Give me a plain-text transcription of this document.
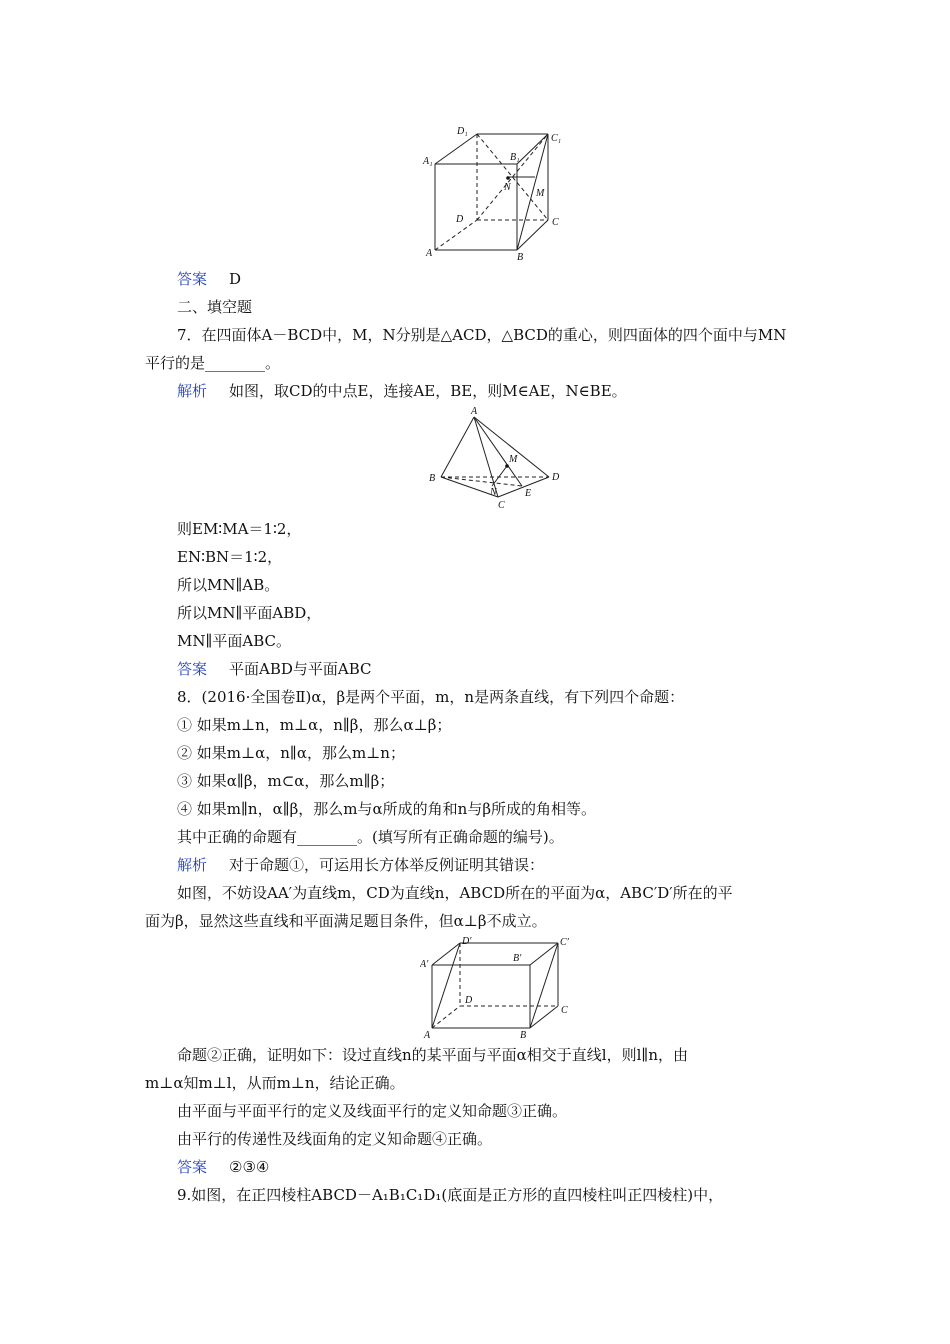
D₁
C₁
A₁	B₁
N
M
D	C
A	B
答案 D
二、填空题
7．在四面体A－BCD中，M，N分别是△ACD，△BCD的重心，则四面体的四个面中与MN
平行的是________。
解析 如图，取CD的中点E，连接AE，BE，则M∈AE，N∈BE。
A
M
B	D
N	E
C
则EM∶MA＝1∶2，
EN∶BN＝1∶2，
所以MN∥AB。
所以MN∥平面ABD，
MN∥平面ABC。
答案 平面ABD与平面ABC
8．(2016·全国卷Ⅱ)α，β是两个平面，m，n是两条直线，有下列四个命题：
① 如果m⊥n，m⊥α，n∥β，那么α⊥β；
② 如果m⊥α，n∥α，那么m⊥n；
③ 如果α∥β，m⊂α，那么m∥β；
④ 如果m∥n，α∥β，那么m与α所成的角和n与β所成的角相等。
其中正确的命题有________。(填写所有正确命题的编号)。
解析 对于命题①，可运用长方体举反例证明其错误：
如图，不妨设AA′为直线m，CD为直线n，ABCD所在的平面为α，ABC′D′所在的平
面为β，显然这些直线和平面满足题目条件，但α⊥β不成立。
D′	C′
A′
B′
D
C
A	B
命题②正确，证明如下：设过直线n的某平面与平面α相交于直线l，则l∥n，由
m⊥α知m⊥l，从而m⊥n，结论正确。
由平面与平面平行的定义及线面平行的定义知命题③正确。
由平行的传递性及线面角的定义知命题④正确。
答案 ②③④
9.如图，在正四棱柱ABCD－A₁B₁C₁D₁(底面是正方形的直四棱柱叫正四棱柱)中，
